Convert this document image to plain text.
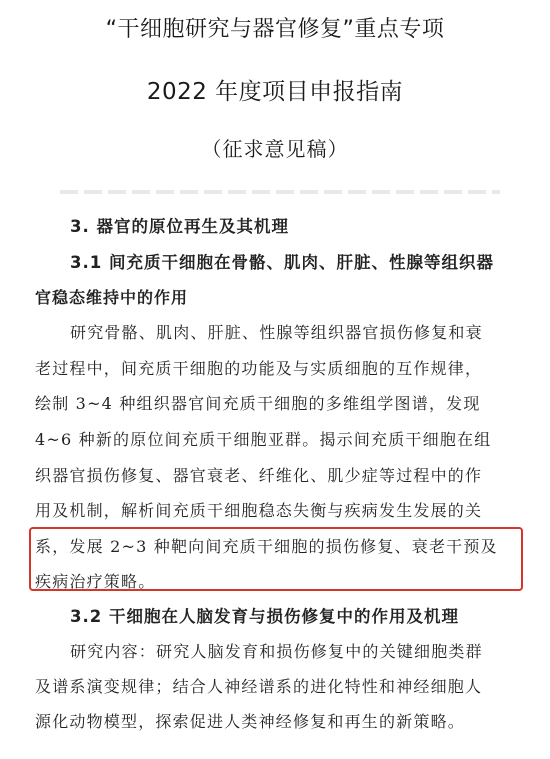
“干细胞研究与器官修复”重点专项
2022 年度项目申报指南
（征求意见稿）
3. 器官的原位再生及其机理
3.1 间充质干细胞在骨骼、肌肉、肝脏、性腺等组织器
官稳态维持中的作用
研究骨骼、肌肉、肝脏、性腺等组织器官损伤修复和衰
老过程中，间充质干细胞的功能及与实质细胞的互作规律，
绘制 3~4 种组织器官间充质干细胞的多维组学图谱，发现
4~6 种新的原位间充质干细胞亚群。揭示间充质干细胞在组
织器官损伤修复、器官衰老、纤维化、肌少症等过程中的作
用及机制，解析间充质干细胞稳态失衡与疾病发生发展的关
系，发展 2~3 种靶向间充质干细胞的损伤修复、衰老干预及
疾病治疗策略。
3.2 干细胞在人脑发育与损伤修复中的作用及机理
研究内容：研究人脑发育和损伤修复中的关键细胞类群
及谱系演变规律；结合人神经谱系的进化特性和神经细胞人
源化动物模型，探索促进人类神经修复和再生的新策略。
